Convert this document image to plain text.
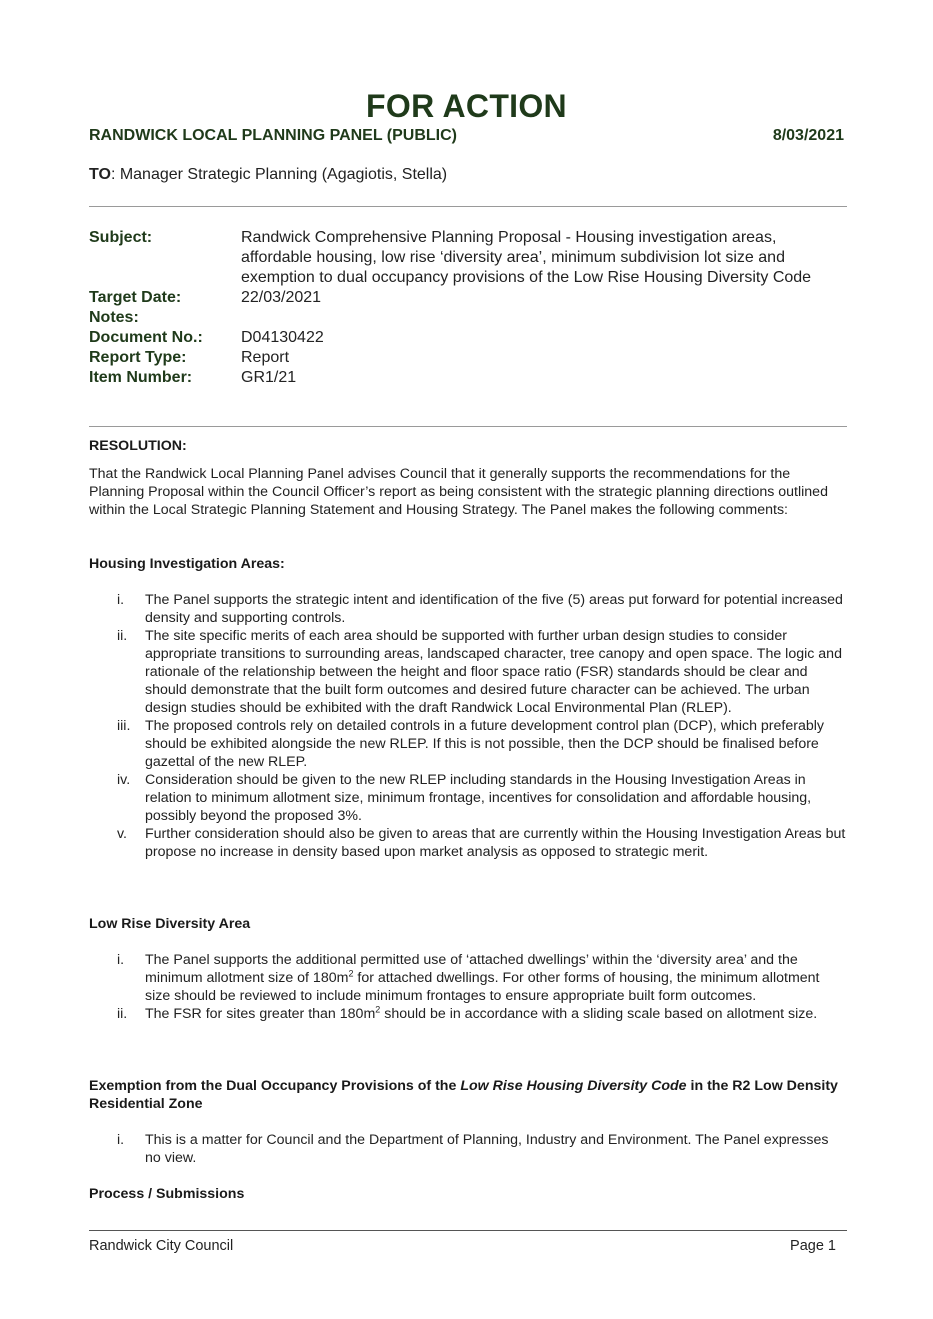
FOR ACTION
RANDWICK LOCAL PLANNING PANEL (PUBLIC)	8/03/2021
TO: Manager Strategic Planning (Agagiotis, Stella)
Subject:	Randwick Comprehensive Planning Proposal - Housing investigation areas, affordable housing, low rise ‘diversity area’, minimum subdivision lot size and exemption to dual occupancy provisions of the Low Rise Housing Diversity Code
Target Date:	22/03/2021
Notes:

Document No.: D04130422
Report Type:	Report
Item Number:	GR1/21
RESOLUTION:

That the Randwick Local Planning Panel advises Council that it generally supports the recommendations for the Planning Proposal within the Council Officer’s report as being consistent with the strategic planning directions outlined within the Local Strategic Planning Statement and Housing Strategy. The Panel makes the following comments:

Housing Investigation Areas:
i. The Panel supports the strategic intent and identification of the five (5) areas put forward for potential increased density and supporting controls.
ii. The site specific merits of each area should be supported with further urban design studies to consider appropriate transitions to surrounding areas, landscaped character, tree canopy and open space. The logic and rationale of the relationship between the height and floor space ratio (FSR) standards should be clear and should demonstrate that the built form outcomes and desired future character can be achieved. The urban design studies should be exhibited with the draft Randwick Local Environmental Plan (RLEP).
iii. The proposed controls rely on detailed controls in a future development control plan (DCP), which preferably should be exhibited alongside the new RLEP. If this is not possible, then the DCP should be finalised before gazettal of the new RLEP.
iv. Consideration should be given to the new RLEP including standards in the Housing Investigation Areas in relation to minimum allotment size, minimum frontage, incentives for consolidation and affordable housing, possibly beyond the proposed 3%.
v. Further consideration should also be given to areas that are currently within the Housing Investigation Areas but propose no increase in density based upon market analysis as opposed to strategic merit.
Low Rise Diversity Area
i. The Panel supports the additional permitted use of ‘attached dwellings’ within the ‘diversity area’ and the minimum allotment size of $180m^2$ for attached dwellings. For other forms of housing, the minimum allotment size should be reviewed to include minimum frontages to ensure appropriate built form outcomes.
ii. The FSR for sites greater than $180m^2$ should be in accordance with a sliding scale based on allotment size.
Exemption from the Dual Occupancy Provisions of the Low Rise Housing Diversity Code in the R2 Low Density Residential Zone
i. This is a matter for Council and the Department of Planning, Industry and Environment. The Panel expresses no view.
Process / Submissions
Randwick City Council	Page 1
